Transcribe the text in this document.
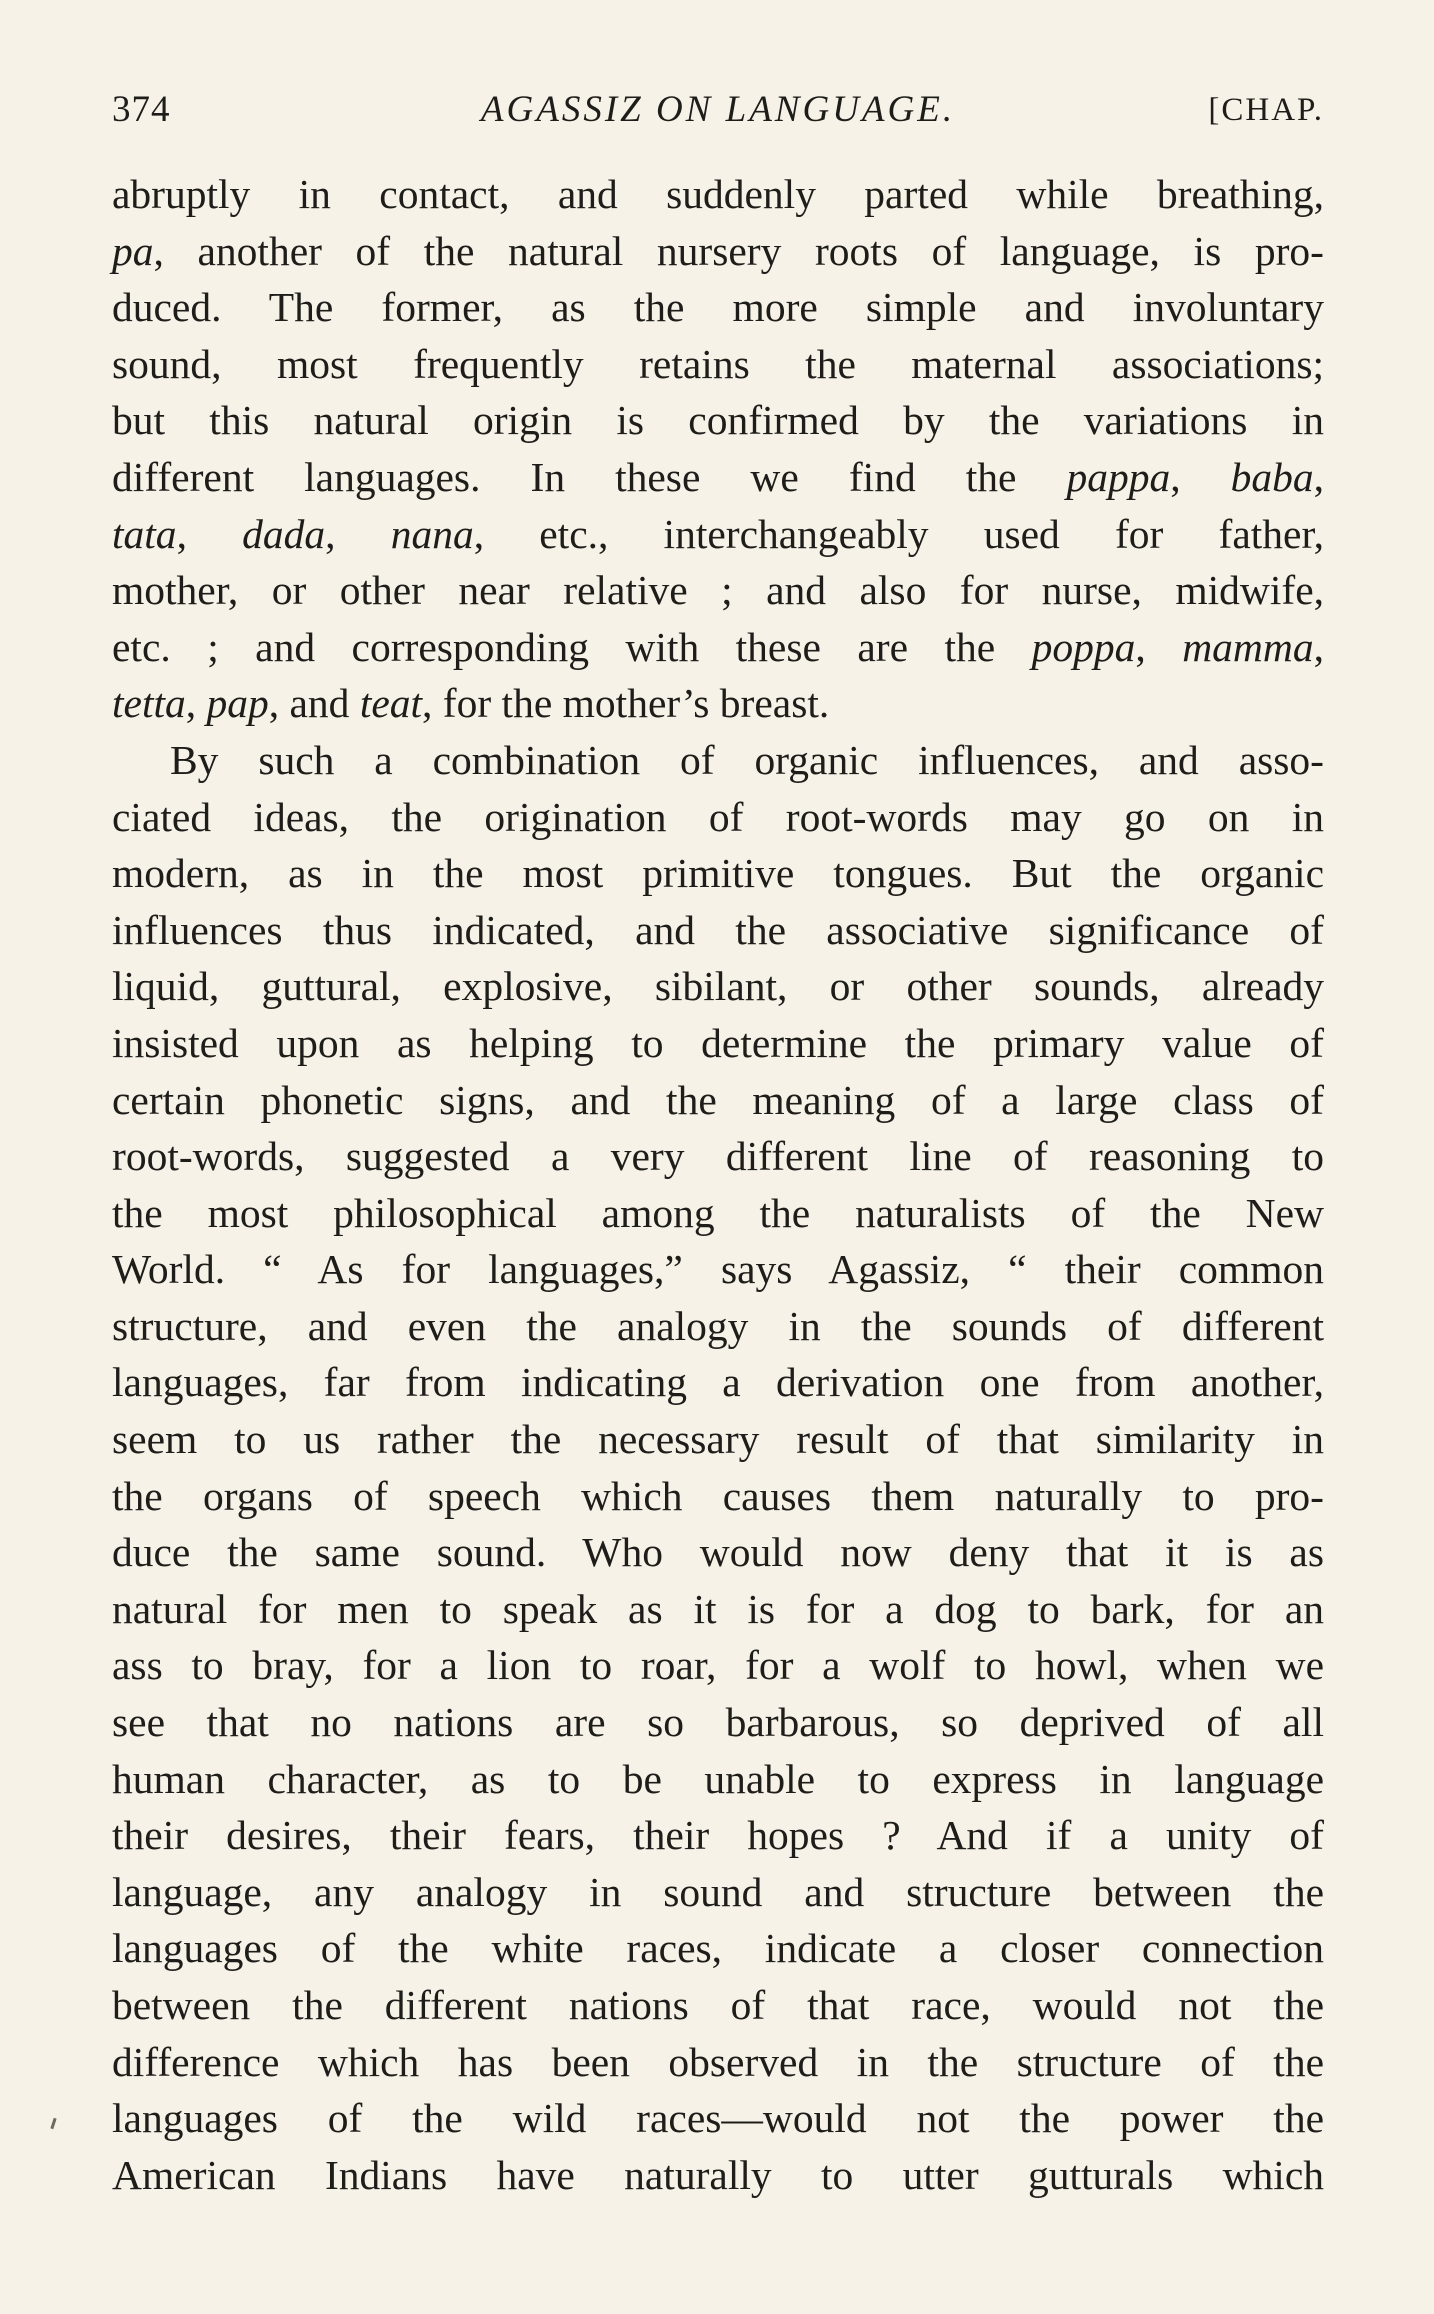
374	AGASSIZ ON LANGUAGE.	[CHAP.
abruptly in contact, and suddenly parted while breathing,
pa, another of the natural nursery roots of language, is pro-
duced. The former, as the more simple and involuntary
sound, most frequently retains the maternal associations;
but this natural origin is confirmed by the variations in
different languages. In these we find the pappa, baba,
tata, dada, nana, etc., interchangeably used for father,
mother, or other near relative ; and also for nurse, midwife,
etc. ; and corresponding with these are the poppa, mamma,
tetta, pap, and teat, for the mother’s breast.
By such a combination of organic influences, and asso-
ciated ideas, the origination of root-words may go on in
modern, as in the most primitive tongues. But the organic
influences thus indicated, and the associative significance of
liquid, guttural, explosive, sibilant, or other sounds, already
insisted upon as helping to determine the primary value of
certain phonetic signs, and the meaning of a large class of
root-words, suggested a very different line of reasoning to
the most philosophical among the naturalists of the New
World. “ As for languages,” says Agassiz, “ their common
structure, and even the analogy in the sounds of different
languages, far from indicating a derivation one from another,
seem to us rather the necessary result of that similarity in
the organs of speech which causes them naturally to pro-
duce the same sound. Who would now deny that it is as
natural for men to speak as it is for a dog to bark, for an
ass to bray, for a lion to roar, for a wolf to howl, when we
see that no nations are so barbarous, so deprived of all
human character, as to be unable to express in language
their desires, their fears, their hopes ? And if a unity of
language, any analogy in sound and structure between the
languages of the white races, indicate a closer connection
between the different nations of that race, would not the
difference which has been observed in the structure of the
languages of the wild races—would not the power the
American Indians have naturally to utter gutturals which
